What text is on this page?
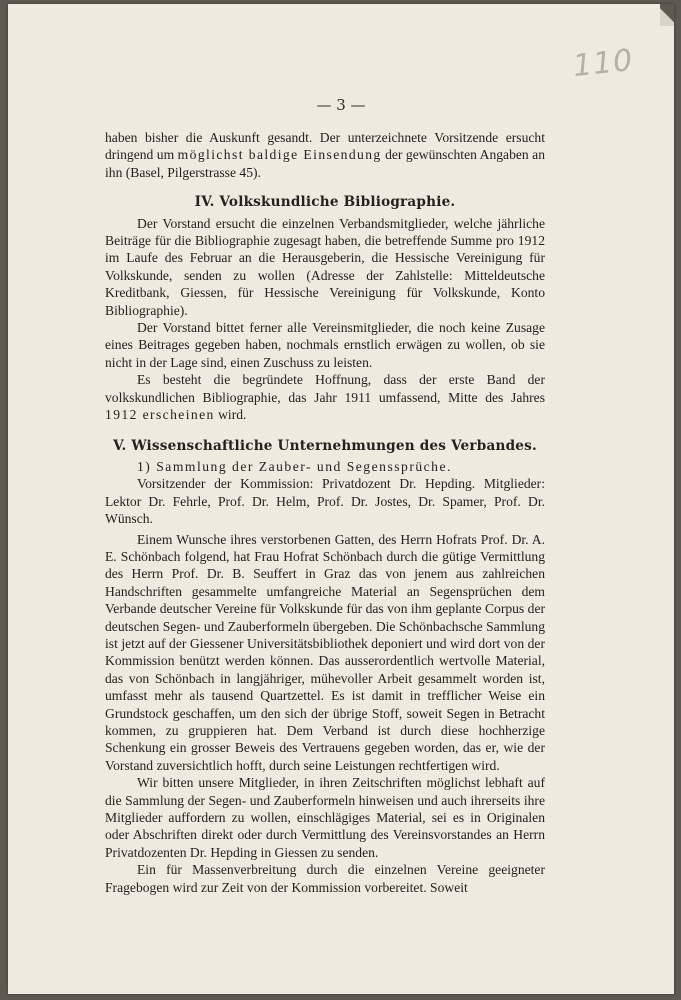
110
— 3 —

haben bisher die Auskunft gesandt. Der unterzeichnete Vorsitzende ersucht dringend um möglichst baldige Einsendung der gewünschten Angaben an ihn (Basel, Pilgerstrasse 45).

IV. Volkskundliche Bibliographie.

Der Vorstand ersucht die einzelnen Verbandsmitglieder, welche jährliche Beiträge für die Bibliographie zugesagt haben, die betreffende Summe pro 1912 im Laufe des Februar an die Herausgeberin, die Hessische Vereinigung für Volkskunde, senden zu wollen (Adresse der Zahlstelle: Mitteldeutsche Kreditbank, Giessen, für Hessische Vereinigung für Volkskunde, Konto Bibliographie).

Der Vorstand bittet ferner alle Vereinsmitglieder, die noch keine Zusage eines Beitrages gegeben haben, nochmals ernstlich erwägen zu wollen, ob sie nicht in der Lage sind, einen Zuschuss zu leisten.

Es besteht die begründete Hoffnung, dass der erste Band der volkskundlichen Bibliographie, das Jahr 1911 umfassend, Mitte des Jahres 1912 erscheinen wird.

V. Wissenschaftliche Unternehmungen des Verbandes.

1) Sammlung der Zauber- und Segenssprüche.

Vorsitzender der Kommission: Privatdozent Dr. Hepding. Mitglieder: Lektor Dr. Fehrle, Prof. Dr. Helm, Prof. Dr. Jostes, Dr. Spamer, Prof. Dr. Wünsch.

Einem Wunsche ihres verstorbenen Gatten, des Herrn Hofrats Prof. Dr. A. E. Schönbach folgend, hat Frau Hofrat Schönbach durch die gütige Vermittlung des Herrn Prof. Dr. B. Seuffert in Graz das von jenem aus zahlreichen Handschriften gesammelte umfangreiche Material an Segensprüchen dem Verbande deutscher Vereine für Volkskunde für das von ihm geplante Corpus der deutschen Segen- und Zauberformeln übergeben. Die Schönbachsche Sammlung ist jetzt auf der Giessener Universitätsbibliothek deponiert und wird dort von der Kommission benützt werden können. Das ausserordentlich wertvolle Material, das von Schönbach in langjähriger, mühevoller Arbeit gesammelt worden ist, umfasst mehr als tausend Quartzettel. Es ist damit in trefflicher Weise ein Grundstock geschaffen, um den sich der übrige Stoff, soweit Segen in Betracht kommen, zu gruppieren hat. Dem Verband ist durch diese hochherzige Schenkung ein grosser Beweis des Vertrauens gegeben worden, das er, wie der Vorstand zuversichtlich hofft, durch seine Leistungen rechtfertigen wird.

Wir bitten unsere Mitglieder, in ihren Zeitschriften möglichst lebhaft auf die Sammlung der Segen- und Zauberformeln hinweisen und auch ihrerseits ihre Mitglieder auffordern zu wollen, einschlägiges Material, sei es in Originalen oder Abschriften direkt oder durch Vermittlung des Vereinsvorstandes an Herrn Privatdozenten Dr. Hepding in Giessen zu senden.

Ein für Massenverbreitung durch die einzelnen Vereine geeigneter Fragebogen wird zur Zeit von der Kommission vorbereitet. Soweit
